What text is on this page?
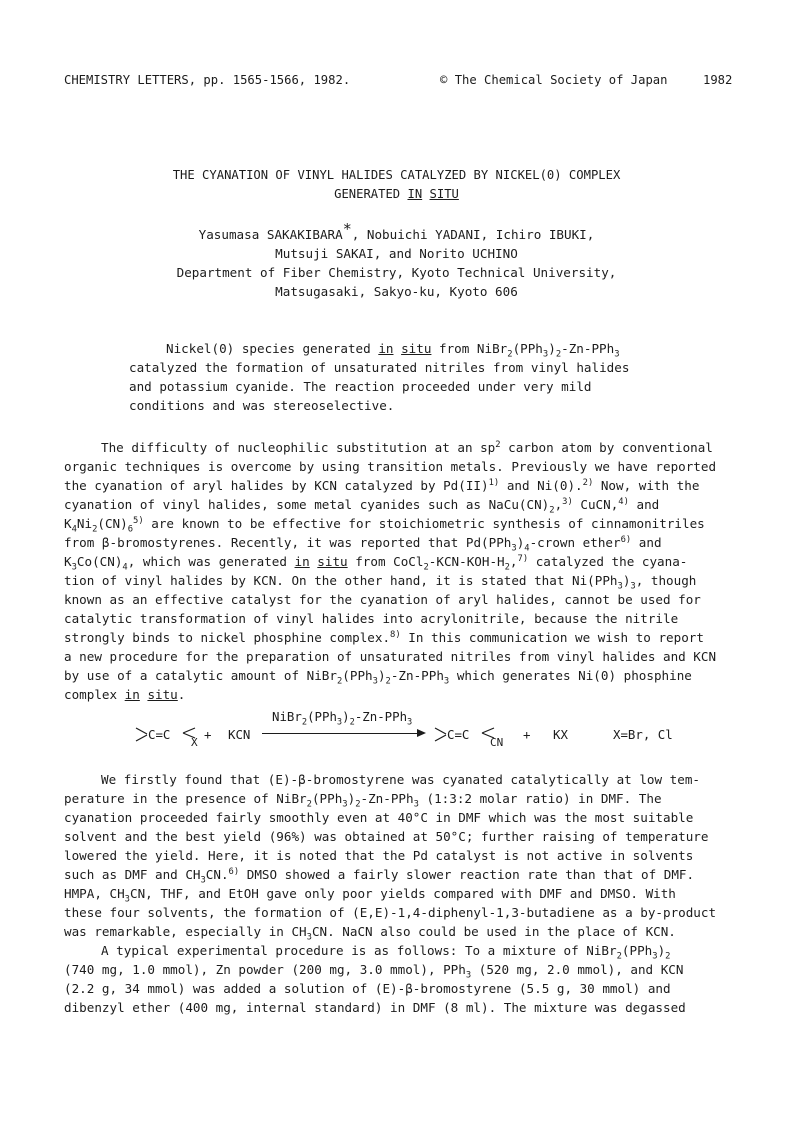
CHEMISTRY LETTERS, pp. 1565-1566, 1982.	© The Chemical Society of Japan	1982
THE CYANATION OF VINYL HALIDES CATALYZED BY NICKEL(0) COMPLEX
GENERATED IN SITU
Yasumasa SAKAKIBARA*, Nobuichi YADANI, Ichiro IBUKI,
Mutsuji SAKAI, and Norito UCHINO
Department of Fiber Chemistry, Kyoto Technical University,
Matsugasaki, Sakyo-ku, Kyoto 606
Nickel(0) species generated in situ from $NiBr_2(PPh_3)_2-Zn-PPh_3$
catalyzed the formation of unsaturated nitriles from vinyl halides
and potassium cyanide. The reaction proceeded under very mild
conditions and was stereoselective.
The difficulty of nucleophilic substitution at an $sp^2$ carbon atom by conventional
organic techniques is overcome by using transition metals. Previously we have reported
the cyanation of aryl halides by KCN catalyzed by Pd(II)$^{1)}$ and Ni(0).$^{2)}$ Now, with the
cyanation of vinyl halides, some metal cyanides such as $NaCu(CN)_2,^{3)}$ CuCN,$^{4)}$ and
$K_4Ni_2(CN)_6^{5)}$ are known to be effective for stoichiometric synthesis of cinnamonitriles
from β-bromostyrenes. Recently, it was reported that $Pd(PPh_3)_4$-crown ether$^{6)}$ and
$K_3Co(CN)_4$, which was generated in situ from $CoCl_2-KCN-KOH-H_2,^{7)}$ catalyzed the cyana-
tion of vinyl halides by KCN. On the other hand, it is stated that $Ni(PPh_3)_3$, though
known as an effective catalyst for the cyanation of aryl halides, cannot be used for
catalytic transformation of vinyl halides into acrylonitrile, because the nitrile
strongly binds to nickel phosphine complex.$^{8)}$ In this communication we wish to report
a new procedure for the preparation of unsaturated nitriles from vinyl halides and KCN
by use of a catalytic amount of $NiBr_2(PPh_3)_2-Zn-PPh_3$ which generates Ni(0) phosphine
complex in situ.
C=C
X
+ KCN
$NiBr_2(PPh_3)_2-Zn-PPh_3$
C=C
CN
+ KX	X=Br, Cl
We firstly found that (E)-β-bromostyrene was cyanated catalytically at low tem-
perature in the presence of $NiBr_2(PPh_3)_2-Zn-PPh_3$ (1:3:2 molar ratio) in DMF. The
cyanation proceeded fairly smoothly even at 40°C in DMF which was the most suitable
solvent and the best yield (96%) was obtained at 50°C; further raising of temperature
lowered the yield. Here, it is noted that the Pd catalyst is not active in solvents
such as DMF and $CH_3CN.^{6)}$ DMSO showed a fairly slower reaction rate than that of DMF.
HMPA, $CH_3CN$, THF, and EtOH gave only poor yields compared with DMF and DMSO. With
these four solvents, the formation of (E,E)-1,4-diphenyl-1,3-butadiene as a by-product
was remarkable, especially in $CH_3CN$. NaCN also could be used in the place of KCN.
A typical experimental procedure is as follows: To a mixture of $NiBr_2(PPh_3)_2$
(740 mg, 1.0 mmol), Zn powder (200 mg, 3.0 mmol), PPh$_3$ (520 mg, 2.0 mmol), and KCN
(2.2 g, 34 mmol) was added a solution of (E)-β-bromostyrene (5.5 g, 30 mmol) and
dibenzyl ether (400 mg, internal standard) in DMF (8 ml). The mixture was degassed
